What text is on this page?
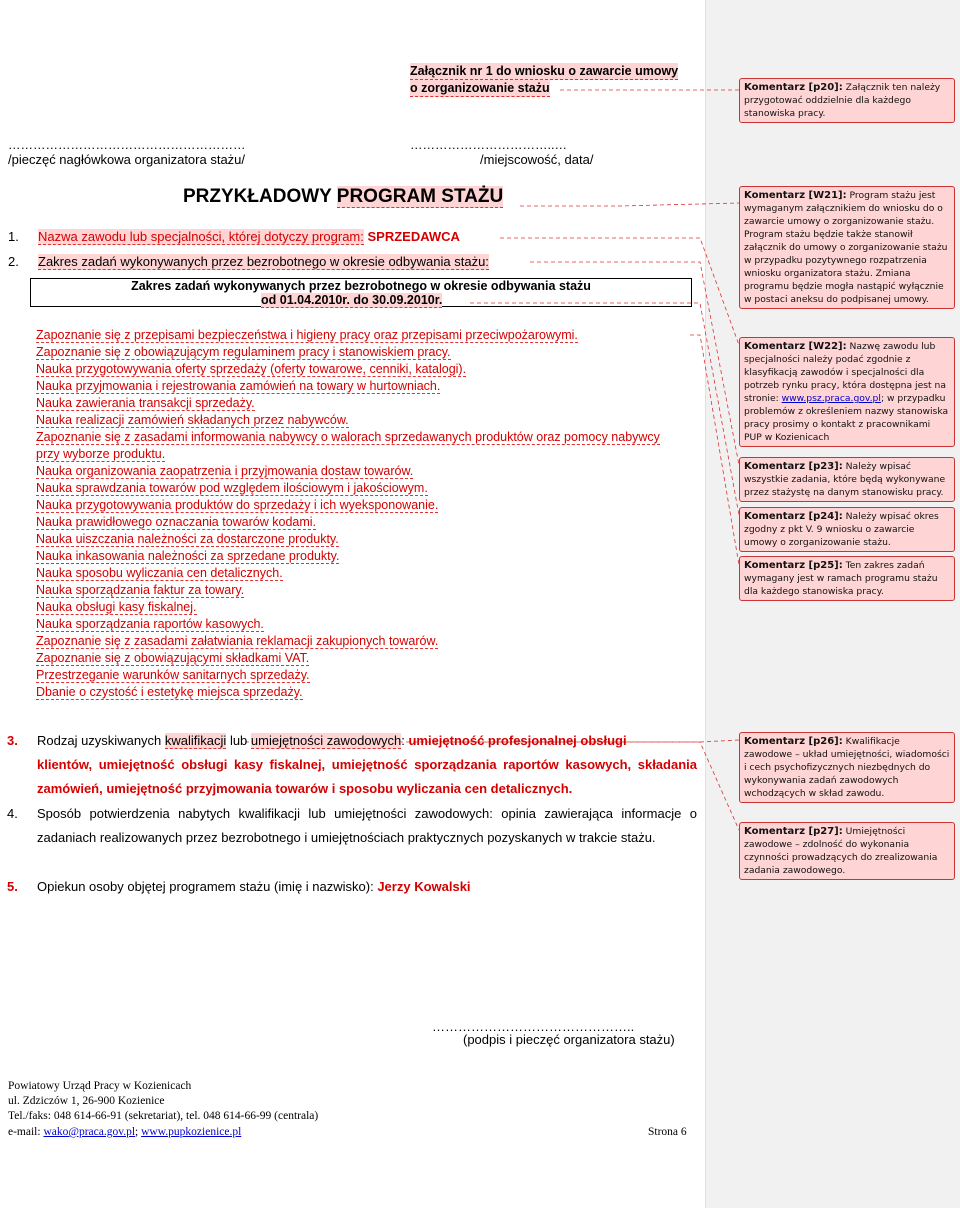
Załącznik nr 1 do wniosku o zawarcie umowy
o zorganizowanie stażu
…………………………………………………	……………………………..…
/pieczęć nagłówkowa organizatora stażu/	/miejscowość, data/
PRZYKŁADOWY PROGRAM STAŻU
1. Nazwa zawodu lub specjalności, której dotyczy program: SPRZEDAWCA
2. Zakres zadań wykonywanych przez bezrobotnego w okresie odbywania stażu:
Zakres zadań wykonywanych przez bezrobotnego w okresie odbywania stażu
od 01.04.2010r. do 30.09.2010r.
Zapoznanie się z przepisami bezpieczeństwa i higieny pracy oraz przepisami przeciwpożarowymi.
Zapoznanie się z obowiązującym regulaminem pracy i stanowiskiem pracy.
Nauka przygotowywania oferty sprzedaży (oferty towarowe, cenniki, katalogi).
Nauka przyjmowania i rejestrowania zamówień na towary w hurtowniach.
Nauka zawierania transakcji sprzedaży.
Nauka realizacji zamówień składanych przez nabywców.
Zapoznanie się z zasadami informowania nabywcy o walorach sprzedawanych produktów oraz pomocy nabywcy przy wyborze produktu.
Nauka organizowania zaopatrzenia i przyjmowania dostaw towarów.
Nauka sprawdzania towarów pod względem ilościowym i jakościowym.
Nauka przygotowywania produktów do sprzedaży i ich wyeksponowanie.
Nauka prawidłowego oznaczania towarów kodami.
Nauka uiszczania należności za dostarczone produkty.
Nauka inkasowania należności za sprzedane produkty.
Nauka sposobu wyliczania cen detalicznych.
Nauka sporządzania faktur za towary.
Nauka obsługi kasy fiskalnej.
Nauka sporządzania raportów kasowych.
Zapoznanie się z zasadami załatwiania reklamacji zakupionych towarów.
Zapoznanie się z obowiązującymi składkami VAT.
Przestrzeganie warunków sanitarnych sprzedaży.
Dbanie o czystość i estetykę miejsca sprzedaży.
3. Rodzaj uzyskiwanych kwalifikacji lub umiejętności zawodowych: umiejętność profesjonalnej obsługi
klientów, umiejętność obsługi kasy fiskalnej, umiejętność sporządzania raportów kasowych, składania zamówień, umiejętność przyjmowania towarów i sposobu wyliczania cen detalicznych.
4.	Sposób potwierdzenia nabytych kwalifikacji lub umiejętności zawodowych: opinia zawierająca informacje o zadaniach realizowanych przez bezrobotnego i umiejętnościach praktycznych pozyskanych w trakcie stażu.
5. Opiekun osoby objętej programem stażu (imię i nazwisko): Jerzy Kowalski
………………………………………..
(podpis i pieczęć organizatora stażu)
Powiatowy Urząd Pracy w Kozienicach
ul. Zdziczów 1, 26-900 Kozienice
Tel./faks: 048 614-66-91 (sekretariat), tel. 048 614-66-99 (centrala)
e-mail: wako@praca.gov.pl; www.pupkozienice.pl	Strona 6
Komentarz [p20]: Załącznik ten należy przygotować oddzielnie dla każdego stanowiska pracy.
Komentarz [W21]: Program stażu jest wymaganym załącznikiem do wniosku do o zawarcie umowy o zorganizowanie stażu. Program stażu będzie także stanowił załącznik do umowy o zorganizowanie stażu w przypadku pozytywnego rozpatrzenia wniosku organizatora stażu. Zmiana programu będzie mogła nastąpić wyłącznie w postaci aneksu do podpisanej umowy.
Komentarz [W22]: Nazwę zawodu lub specjalności należy podać zgodnie z klasyfikacją zawodów i specjalności dla potrzeb rynku pracy, która dostępna jest na stronie: www.psz.praca.gov.pl; w przypadku problemów z określeniem nazwy stanowiska pracy prosimy o kontakt z pracownikami PUP w Kozienicach
Komentarz [p23]: Należy wpisać wszystkie zadania, które będą wykonywane przez stażystę na danym stanowisku pracy.
Komentarz [p24]: Należy wpisać okres zgodny z pkt V. 9 wniosku o zawarcie umowy o zorganizowanie stażu.
Komentarz [p25]: Ten zakres zadań wymagany jest w ramach programu stażu dla każdego stanowiska pracy.
Komentarz [p26]: Kwalifikacje zawodowe – układ umiejętności, wiadomości i cech psychofizycznych niezbędnych do wykonywania zadań zawodowych wchodzących w skład zawodu.
Komentarz [p27]: Umiejętności zawodowe – zdolność do wykonania czynności prowadzących do zrealizowania zadania zawodowego.
